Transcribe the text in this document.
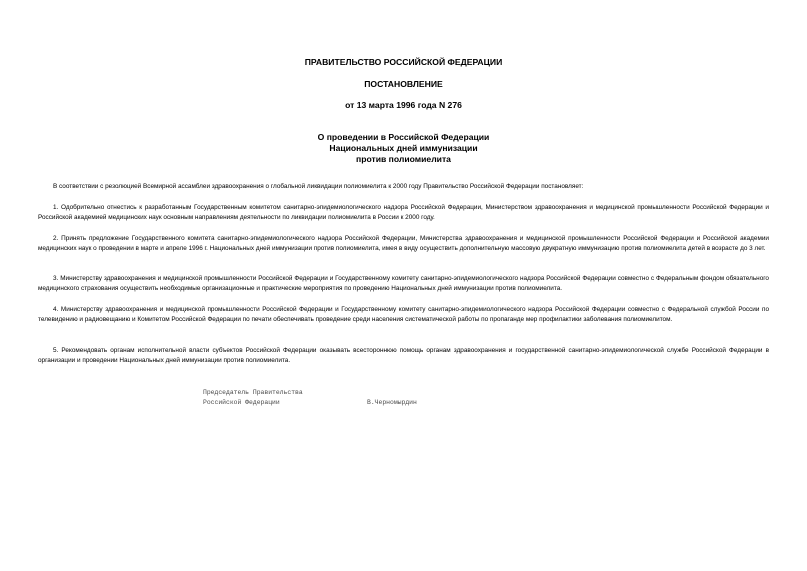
ПРАВИТЕЛЬСТВО РОССИЙСКОЙ ФЕДЕРАЦИИ
ПОСТАНОВЛЕНИЕ
от 13 марта 1996 года N 276
О проведении в Российской Федерации
Национальных дней иммунизации
против полиомиелита

В соответствии с резолюцией Всемирной ассамблеи здравоохранения о глобальной ликвидации полиомиелита к 2000 году Правительство Российской Федерации постановляет:

1. Одобрительно отнестись к разработанным Государственным комитетом санитарно-эпидемиологического надзора Российской Федерации, Министерством здравоохранения и медицинской промышленности Российской Федерации и Российской академией медицинских наук основным направлениям деятельности по ликвидации полиомиелита в России к 2000 году.

2. Принять предложение Государственного комитета санитарно-эпидемиологического надзора Российской Федерации, Министерства здравоохранения и медицинской промышленности Российской Федерации и Российской академии медицинских наук о проведении в марте и апреле 1996 г. Национальных дней иммунизации против полиомиелита, имея в виду осуществить дополнительную массовую двукратную иммунизацию против полиомиелита детей в возрасте до 3 лет.

3. Министерству здравоохранения и медицинской промышленности Российской Федерации и Государственному комитету санитарно-эпидемиологического надзора Российской Федерации совместно с Федеральным фондом обязательного медицинского страхования осуществить необходимые организационные и практические мероприятия по проведению Национальных дней иммунизации против полиомиелита.

4. Министерству здравоохранения и медицинской промышленности Российской Федерации и Государственному комитету санитарно-эпидемиологического надзора Российской Федерации совместно с Федеральной службой России по телевидению и радиовещанию и Комитетом Российской Федерации по печати обеспечивать проведение среди населения систематической работы по пропаганде мер профилактики заболевания полиомиелитом.

5. Рекомендовать органам исполнительной власти субъектов Российской Федерации оказывать всестороннюю помощь органам здравоохранения и государственной санитарно-эпидемиологической службе Российской Федерации в организации и проведении Национальных дней иммунизации против полиомиелита.

Председатель Правительства
Российской Федерации	В.Черномырдин
